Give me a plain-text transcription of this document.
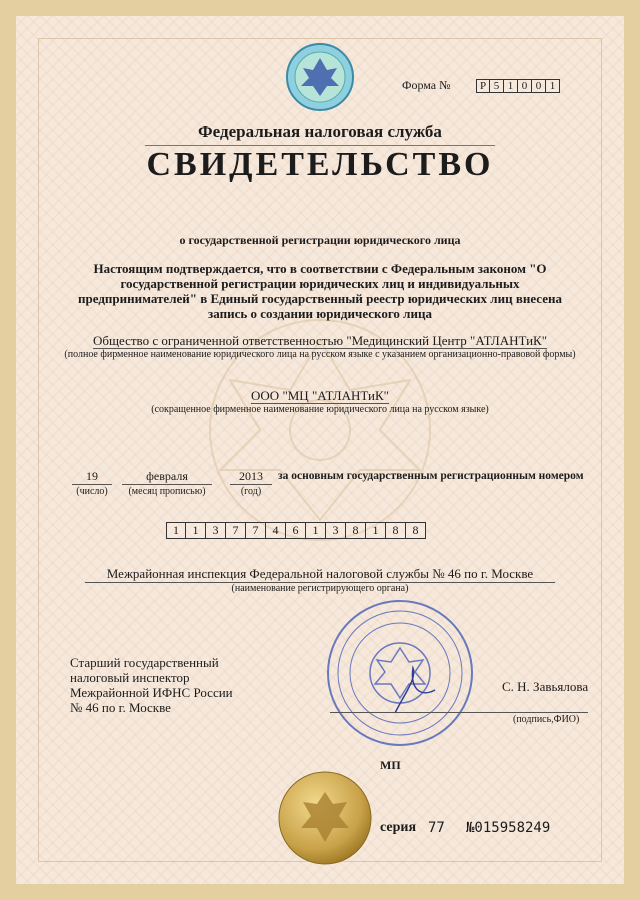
Форма №	Р 5 1 0 0 1
Федеральная налоговая служба
СВИДЕТЕЛЬСТВО
о государственной регистрации юридического лица
Настоящим подтверждается, что в соответствии с Федеральным законом "О государственной регистрации юридических лиц и индивидуальных предпринимателей" в Единый государственный реестр юридических лиц внесена запись о создании юридического лица
Общество с ограниченной ответственностью "Медицинский Центр "АТЛАНТиК"
(полное фирменное наименование юридического лица на русском языке с указанием организационно-правовой формы)
ООО "МЦ "АТЛАНТиК"
(сокращенное фирменное наименование юридического лица на русском языке)
19	февраля	2013
(число)	(месяц прописью)	(год)
за основным государственным регистрационным номером
1	1	3	7	7	4	6	1	3	8	1	8	8
Межрайонная инспекция Федеральной налоговой службы № 46 по г. Москве
(наименование регистрирующего органа)
Старший государственный
налоговый инспектор
Межрайонной ИФНС России
№ 46 по г. Москве
С. Н. Завьялова
(подпись,ФИО)
МП
серия 77 №015958249
